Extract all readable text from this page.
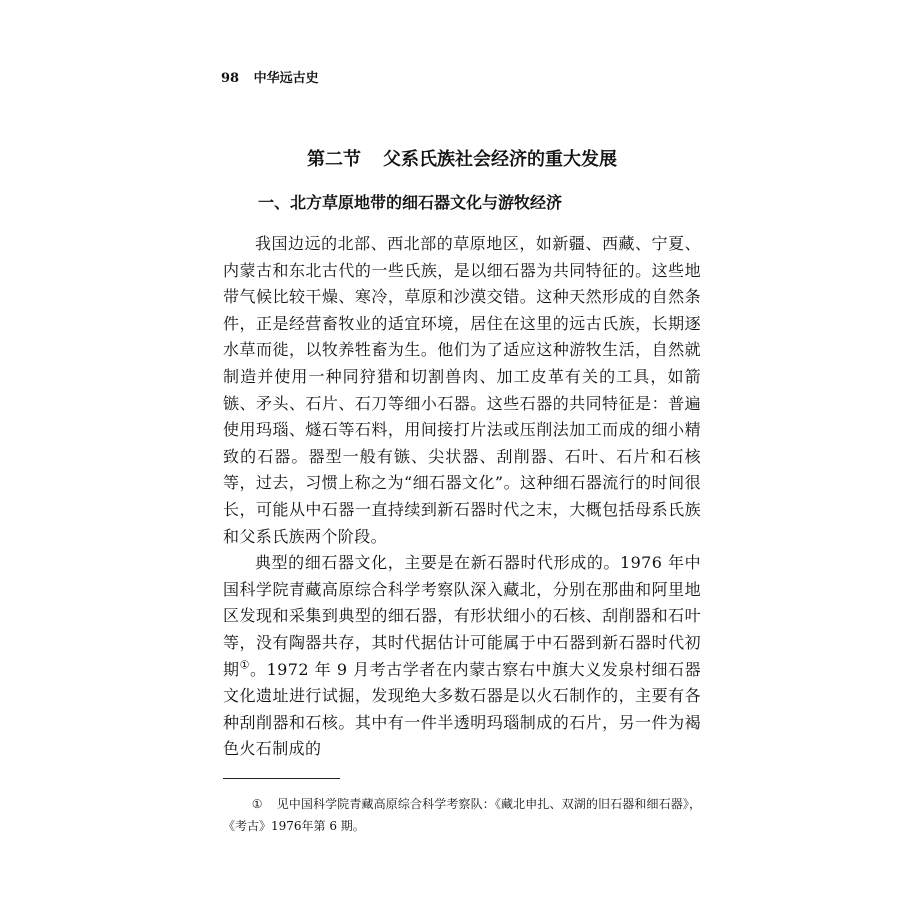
98 中华远古史
第二节 父系氏族社会经济的重大发展
一、北方草原地带的细石器文化与游牧经济

我国边远的北部、西北部的草原地区，如新疆、西藏、宁夏、内蒙古和东北古代的一些氏族，是以细石器为共同特征的。这些地带气候比较干燥、寒冷，草原和沙漠交错。这种天然形成的自然条件，正是经营畜牧业的适宜环境，居住在这里的远古氏族，长期逐水草而徙，以牧养牲畜为生。他们为了适应这种游牧生活，自然就制造并使用一种同狩猎和切割兽肉、加工皮革有关的工具，如箭镞、矛头、石片、石刀等细小石器。这些石器的共同特征是：普遍使用玛瑙、燧石等石料，用间接打片法或压削法加工而成的细小精致的石器。器型一般有镞、尖状器、刮削器、石叶、石片和石核等，过去，习惯上称之为“细石器文化”。这种细石器流行的时间很长，可能从中石器一直持续到新石器时代之末，大概包括母系氏族和父系氏族两个阶段。

典型的细石器文化，主要是在新石器时代形成的。1976 年中国科学院青藏高原综合科学考察队深入藏北，分别在那曲和阿里地区发现和采集到典型的细石器，有形状细小的石核、刮削器和石叶等，没有陶器共存，其时代据估计可能属于中石器到新石器时代初期①。1972 年 9 月考古学者在内蒙古察右中旗大义发泉村细石器文化遗址进行试掘，发现绝大多数石器是以火石制作的，主要有各种刮削器和石核。其中有一件半透明玛瑙制成的石片，另一件为褐色火石制成的

① 见中国科学院青藏高原综合科学考察队：《藏北申扎、双湖的旧石器和细石器》，《考古》1976年第 6 期。
